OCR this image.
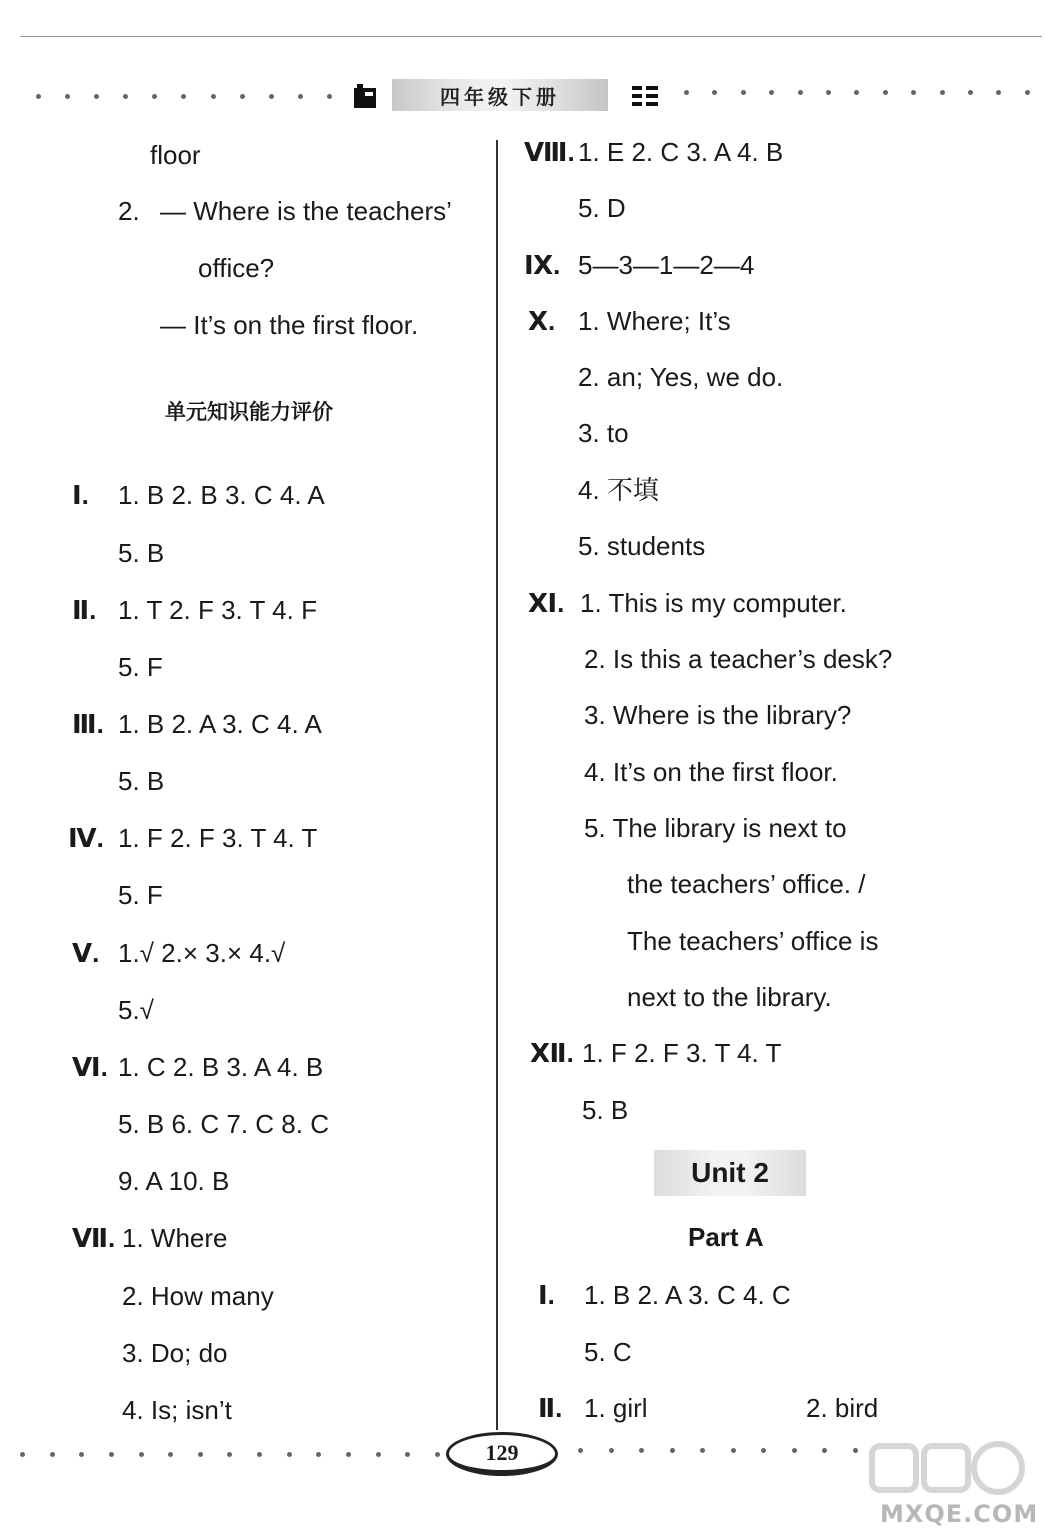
四年级下册
floor
2. — Where is the teachers’
office?
— It’s on the first floor.
单元知识能力评价
Ⅰ. 1. B 2. B 3. C 4. A
5. B
Ⅱ. 1. T 2. F 3. T 4. F
5. F
Ⅲ. 1. B 2. A 3. C 4. A
5. B
Ⅳ. 1. F 2. F 3. T 4. T
5. F
Ⅴ. 1.√ 2.× 3.× 4.√
5.√
Ⅵ. 1. C 2. B 3. A 4. B
5. B 6. C 7. C 8. C
9. A 10. B
Ⅶ. 1. Where
2. How many
3. Do; do
4. Is; isn’t
Ⅷ. 1. E 2. C 3. A 4. B
5. D
Ⅸ. 5—3—1—2—4
Ⅹ. 1. Where; It’s
2. an; Yes, we do.
3. to
4. 不填
5. students
Ⅺ. 1. This is my computer.
2. Is this a teacher’s desk?
3. Where is the library?
4. It’s on the first floor.
5. The library is next to
the teachers’ office. /
The teachers’ office is
next to the library.
Ⅻ. 1. F 2. F 3. T 4. T
5. B
Unit 2
Part A
Ⅰ. 1. B 2. A 3. C 4. C
5. C
Ⅱ. 1. girl	2. bird
129
MXQE.COM
